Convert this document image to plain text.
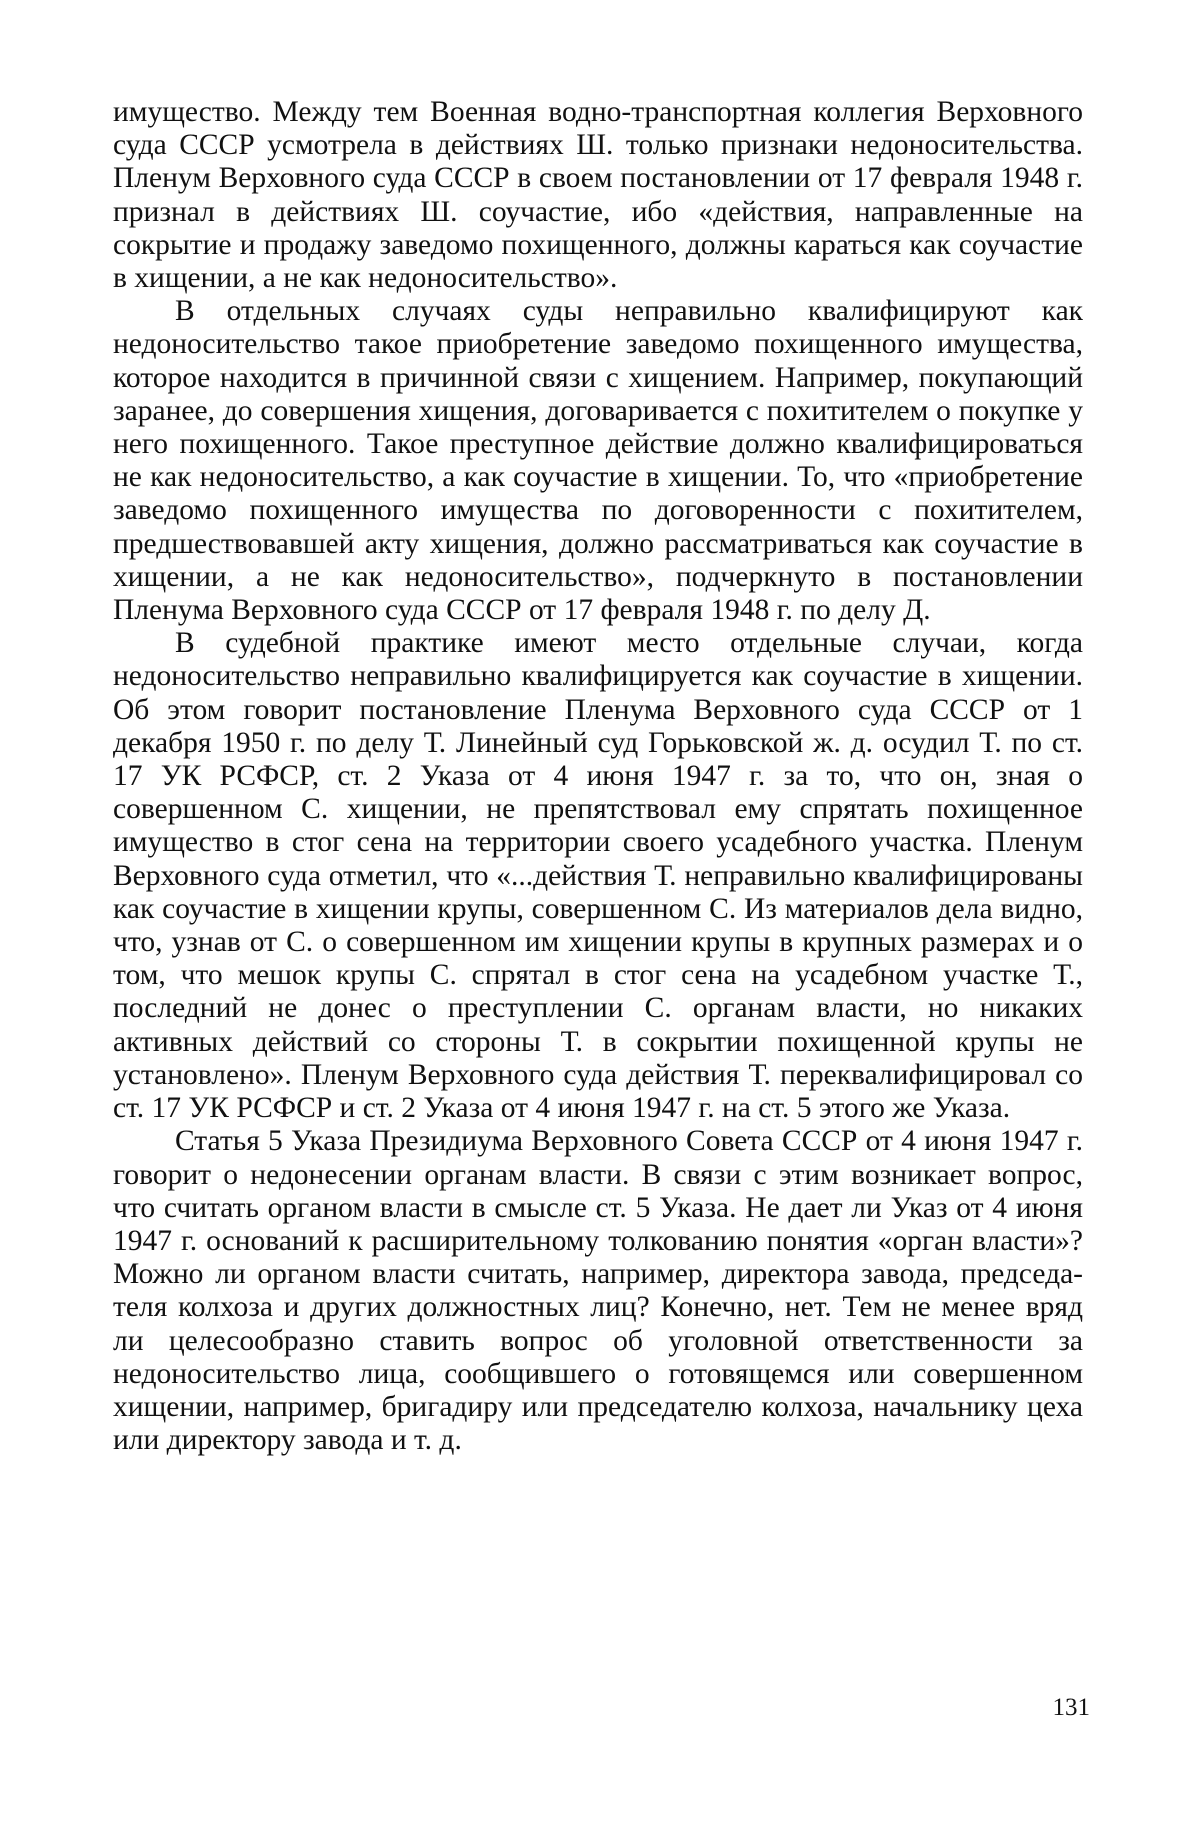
имущество. Между тем Военная водно-транспортная коллегия Верховного суда СССР усмотрела в действиях Ш. только признаки недоносительства. Пленум Верховного суда СССР в своем постановлении от 17 февраля 1948 г. признал в действиях Ш. соучастие, ибо «действия, направленные на сокрытие и продажу заведомо похищенного, должны караться как соучастие в хищении, а не как недоносительство».

В отдельных случаях суды неправильно квалифицируют как недоносительство такое приобретение заведомо похищенного имущества, которое находится в причинной связи с хищением. Например, покупающий заранее, до совершения хищения, договаривается с похитителем о покупке у него похищенного. Такое преступное действие должно квалифицироваться не как недоносительство, а как соучастие в хищении. То, что «приобретение заведомо похищенного имущества по договоренности с похитителем, предшествовавшей акту хищения, должно рассматриваться как соучастие в хищении, а не как недоносительство», подчеркнуто в постановлении Пленума Верховного суда СССР от 17 февраля 1948 г. по делу Д.

В судебной практике имеют место отдельные случаи, когда недоносительство неправильно квалифицируется как соучастие в хищении. Об этом говорит постановление Пленума Верховного суда СССР от 1 декабря 1950 г. по делу Т. Линейный суд Горьковской ж. д. осудил Т. по ст. 17 УК РСФСР, ст. 2 Указа от 4 июня 1947 г. за то, что он, зная о совершенном С. хищении, не препятствовал ему спрятать похищенное имущество в стог сена на территории своего усадебного участка. Пленум Верховного суда отметил, что «...действия Т. неправильно квалифицированы как соучастие в хищении крупы, совершенном С. Из материалов дела видно, что, узнав от С. о совершенном им хищении крупы в крупных размерах и о том, что мешок крупы С. спрятал в стог сена на усадебном участке Т., последний не донес о преступлении С. органам власти, но никаких активных действий со стороны Т. в сокрытии похищенной крупы не установлено». Пленум Верховного суда действия Т. переквалифицировал со ст. 17 УК РСФСР и ст. 2 Указа от 4 июня 1947 г. на ст. 5 этого же Указа.

Статья 5 Указа Президиума Верховного Совета СССР от 4 июня 1947 г. говорит о недонесении органам власти. В связи с этим возникает вопрос, что считать органом власти в смысле ст. 5 Указа. Не дает ли Указ от 4 июня 1947 г. оснований к расширительному толкованию понятия «орган власти»? Можно ли органом власти считать, например, директора завода, председателя колхоза и других должностных лиц? Конечно, нет. Тем не менее вряд ли целесообразно ставить вопрос об уголовной ответственности за недоносительство лица, сообщившего о готовящемся или совершенном хищении, например, бригадиру или председателю колхоза, начальнику цеха или директору завода и т. д.

131
